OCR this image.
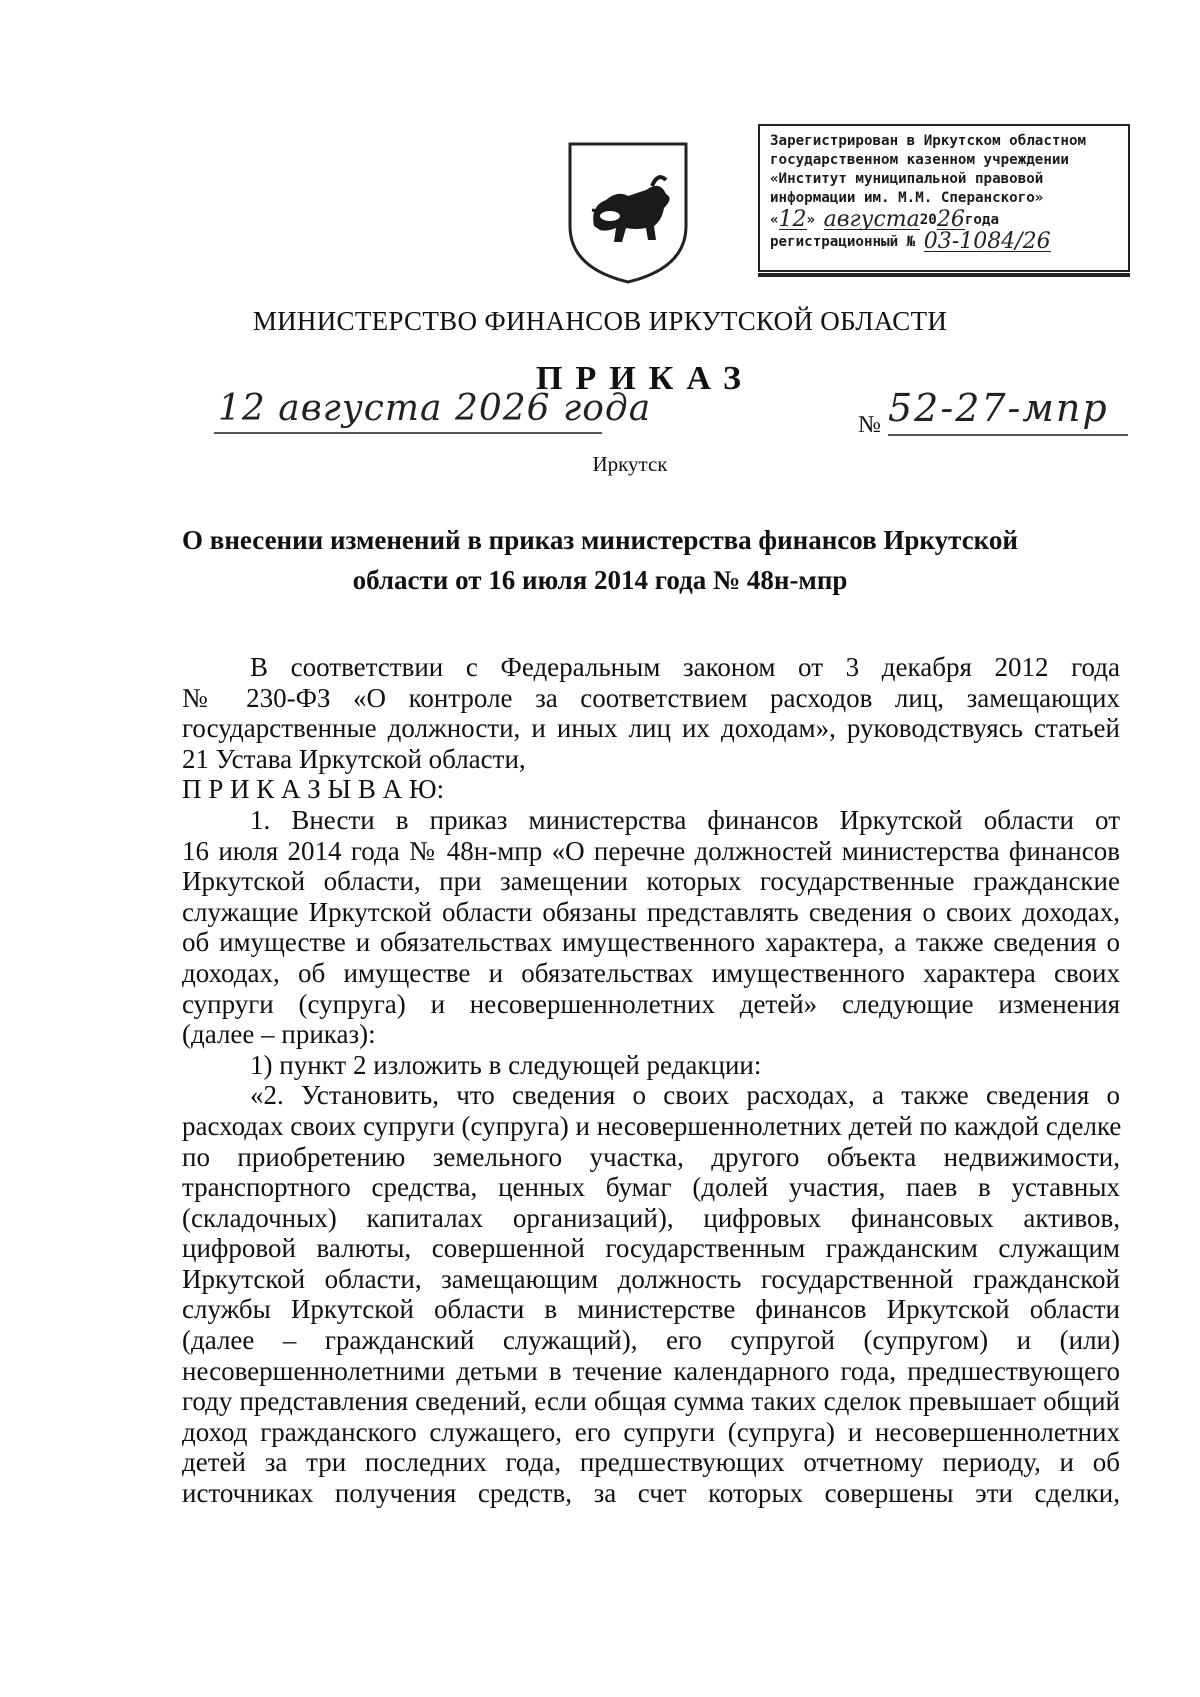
Зарегистрирован в Иркутском областном
государственном казенном учреждении
«Институт муниципальной правовой
информации им. М.М. Сперанского»
«12» августа2026года
регистрационный № 03-1084/26
МИНИСТЕРСТВО ФИНАНСОВ ИРКУТСКОЙ ОБЛАСТИ
ПРИКАЗ
12 августа 2026 года	№ 52-27-мпр
Иркутск
О внесении изменений в приказ министерства финансов Иркутской
области от 16 июля 2014 года № 48н-мпр
В соответствии с Федеральным законом от 3 декабря 2012 года
№ 230-ФЗ «О контроле за соответствием расходов лиц, замещающих
государственные должности, и иных лиц их доходам», руководствуясь статьей
21 Устава Иркутской области,
П Р И К А З Ы В А Ю:
1. Внести в приказ министерства финансов Иркутской области от
16 июля 2014 года № 48н-мпр «О перечне должностей министерства финансов
Иркутской области, при замещении которых государственные гражданские
служащие Иркутской области обязаны представлять сведения о своих доходах,
об имуществе и обязательствах имущественного характера, а также сведения о
доходах, об имуществе и обязательствах имущественного характера своих
супруги (супруга) и несовершеннолетних детей» следующие изменения
(далее – приказ):
1) пункт 2 изложить в следующей редакции:
«2. Установить, что сведения о своих расходах, а также сведения о
расходах своих супруги (супруга) и несовершеннолетних детей по каждой сделке
по приобретению земельного участка, другого объекта недвижимости,
транспортного средства, ценных бумаг (долей участия, паев в уставных
(складочных) капиталах организаций), цифровых финансовых активов,
цифровой валюты, совершенной государственным гражданским служащим
Иркутской области, замещающим должность государственной гражданской
службы Иркутской области в министерстве финансов Иркутской области
(далее – гражданский служащий), его супругой (супругом) и (или)
несовершеннолетними детьми в течение календарного года, предшествующего
году представления сведений, если общая сумма таких сделок превышает общий
доход гражданского служащего, его супруги (супруга) и несовершеннолетних
детей за три последних года, предшествующих отчетному периоду, и об
источниках получения средств, за счет которых совершены эти сделки,
